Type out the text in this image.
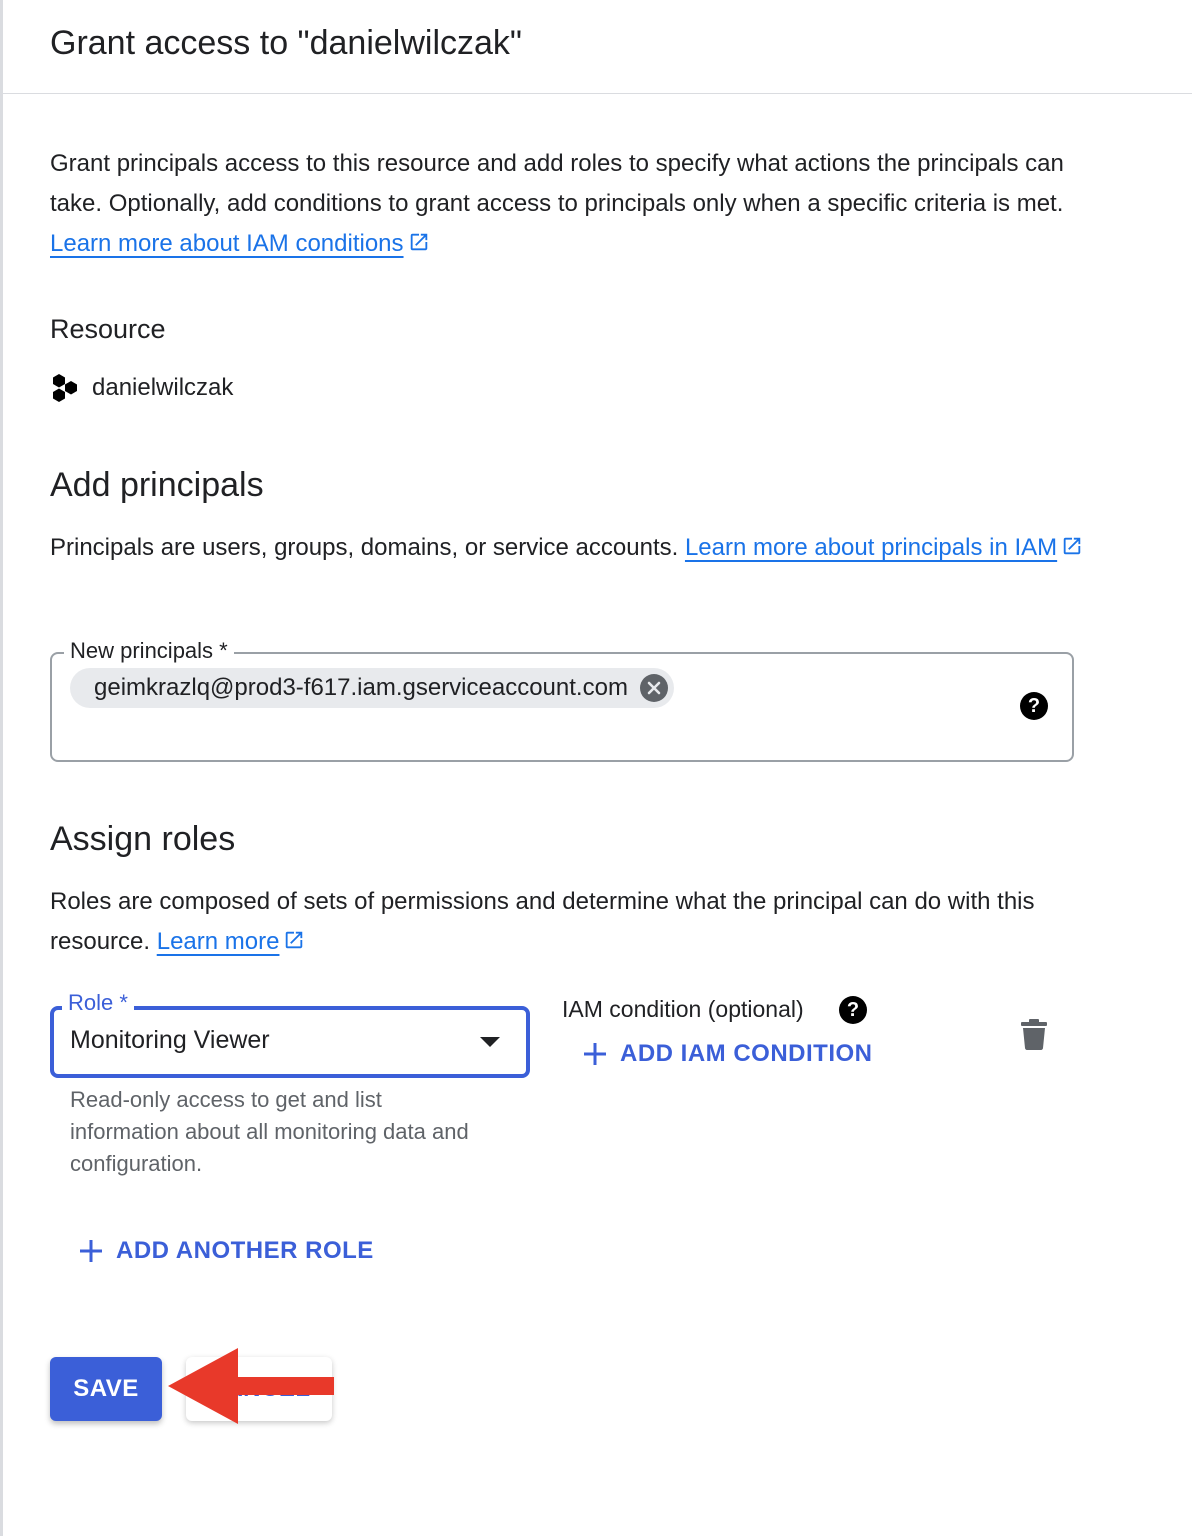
Grant access to "danielwilczak"

Grant principals access to this resource and add roles to specify what actions the principals can take. Optionally, add conditions to grant access to principals only when a specific criteria is met. Learn more about IAM conditions

Resource
danielwilczak
Add principals

Principals are users, groups, domains, or service accounts. Learn more about principals in IAM

New principals *
geimkrazlq@prod3-f617.iam.gserviceaccount.com
?
Assign roles

Roles are composed of sets of permissions and determine what the principal can do with this resource. Learn more

Role *
Monitoring Viewer

Read-only access to get and list information about all monitoring data and configuration.

IAM condition (optional)	?
ADD IAM CONDITION
ADD ANOTHER ROLE
SAVE
